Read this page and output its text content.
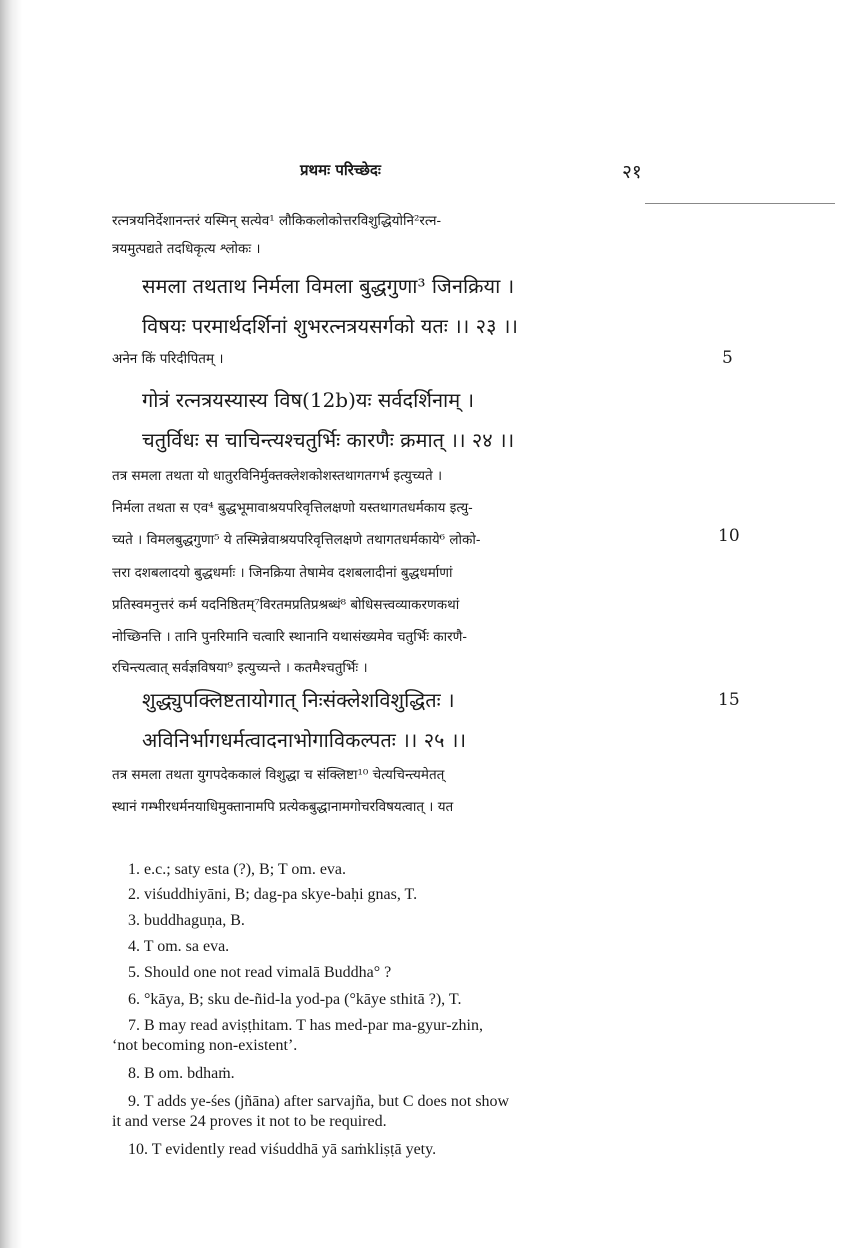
प्रथमः परिच्छेदः	२१
रत्नत्रयनिर्देशानन्तरं यस्मिन् सत्येव¹ लौकिकलोकोत्तरविशुद्धियोनि²रत्न-
त्रयमुत्पद्यते तदधिकृत्य श्लोकः ।
समला तथताथ निर्मला विमला बुद्धगुणा³ जिनक्रिया ।
विषयः परमार्थदर्शिनां शुभरत्नत्रयसर्गको यतः ।। २३ ।।
अनेन किं परिदीपितम् ।	5
गोत्रं रत्नत्रयस्यास्य विष(12b)यः सर्वदर्शिनाम् ।
चतुर्विधः स चाचिन्त्यश्चतुर्भिः कारणैः क्रमात् ।। २४ ।।
तत्र समला तथता यो धातुरविनिर्मुक्तक्लेशकोशस्तथागतगर्भ इत्युच्यते ।
निर्मला तथता स एव⁴ बुद्धभूमावाश्रयपरिवृत्तिलक्षणो यस्तथागतधर्मकाय इत्यु-
च्यते । विमलबुद्धगुणा⁵ ये तस्मिन्नेवाश्रयपरिवृत्तिलक्षणे तथागतधर्मकाये⁶ लोको-	10
त्तरा दशबलादयो बुद्धधर्माः । जिनक्रिया तेषामेव दशबलादीनां बुद्धधर्माणां
प्रतिस्वमनुत्तरं कर्म यदनिष्ठितम्⁷विरतमप्रतिप्रश्रब्धं⁸ बोधिसत्त्वव्याकरणकथां
नोच्छिनत्ति । तानि पुनरिमानि चत्वारि स्थानानि यथासंख्यमेव चतुर्भिः कारणै-
रचिन्त्यत्वात् सर्वज्ञविषया⁹ इत्युच्यन्ते । कतमैश्चतुर्भिः ।
शुद्ध्युपक्लिष्टतायोगात् निःसंक्लेशविशुद्धितः ।	15
अविनिर्भागधर्मत्वादनाभोगाविकल्पतः ।। २५ ।।
तत्र समला तथता युगपदेककालं विशुद्धा च संक्लिष्टा¹⁰ चेत्यचिन्त्यमेतत्
स्थानं गम्भीरधर्मनयाधिमुक्तानामपि प्रत्येकबुद्धानामगोचरविषयत्वात् । यत
1. e.c.; saty esta (?), B; T om. eva.
2. viśuddhiyāni, B; dag-pa skye-baḥi gnas, T.
3. buddhaguṇa, B.
4. T om. sa eva.
5. Should one not read vimalā Buddha° ?
6. °kāya, B; sku de-ñid-la yod-pa (°kāye sthitā ?), T.
7. B may read aviṣṭhitam. T has med-par ma-gyur-zhin,
‘not becoming non-existent’.
8. B om. bdhaṁ.
9. T adds ye-śes (jñāna) after sarvajña, but C does not show
it and verse 24 proves it not to be required.
10. T evidently read viśuddhā yā saṁkliṣṭā yety.
